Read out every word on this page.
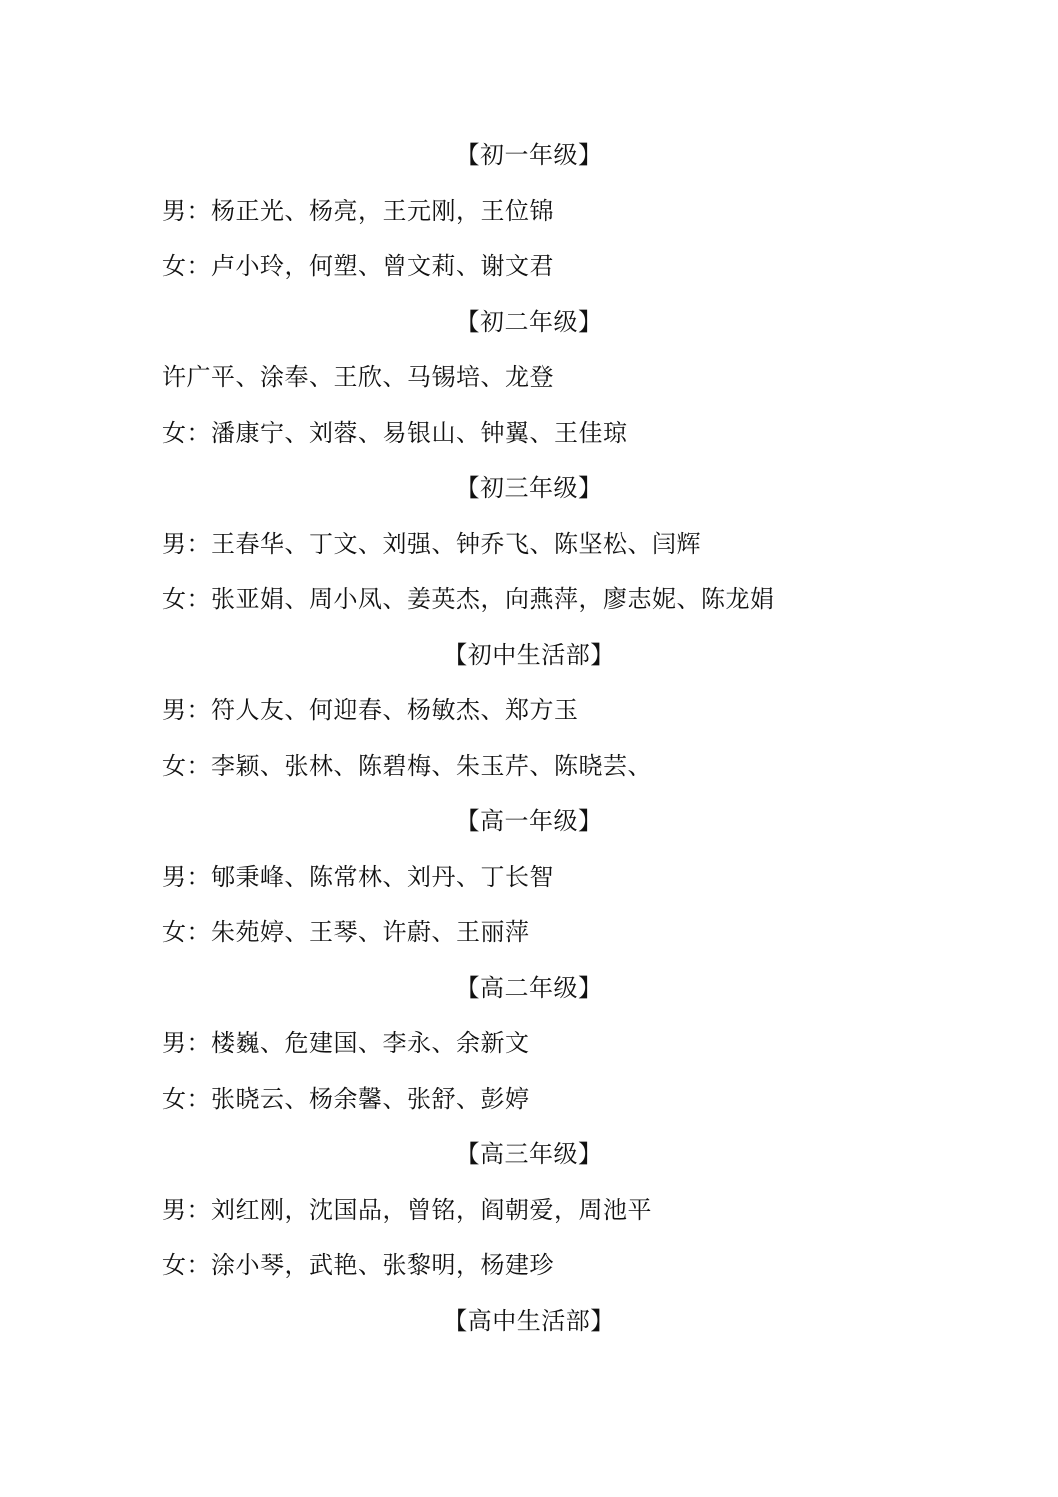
【初一年级】
男：杨正光、杨亮，王元刚，王位锦
女：卢小玲，何塑、曾文莉、谢文君
【初二年级】
许广平、涂奉、王欣、马锡培、龙登
女：潘康宁、刘蓉、易银山、钟翼、王佳琼
【初三年级】
男：王春华、丁文、刘强、钟乔飞、陈坚松、闫辉
女：张亚娟、周小凤、姜英杰，向燕萍，廖志妮、陈龙娟
【初中生活部】
男：符人友、何迎春、杨敏杰、郑方玉
女：李颖、张林、陈碧梅、朱玉芹、陈晓芸、
【高一年级】
男：郇秉峰、陈常林、刘丹、丁长智
女：朱苑婷、王琴、许蔚、王丽萍
【高二年级】
男：楼巍、危建国、李永、余新文
女：张晓云、杨余馨、张舒、彭婷
【高三年级】
男：刘红刚，沈国品，曾铭，阎朝爱，周池平
女：涂小琴，武艳、张黎明，杨建珍
【高中生活部】
